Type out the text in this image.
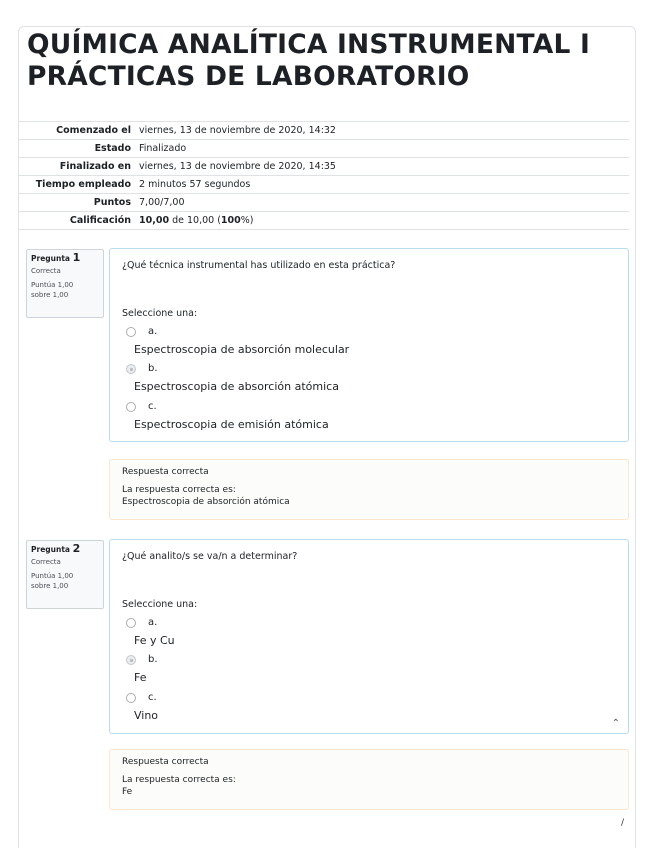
QUÍMICA ANALÍTICA INSTRUMENTAL I
PRÁCTICAS DE LABORATORIO
Comenzado el	viernes, 13 de noviembre de 2020, 14:32
Estado	Finalizado
Finalizado en	viernes, 13 de noviembre de 2020, 14:35
Tiempo empleado	2 minutos 57 segundos
Puntos	7,00/7,00
Calificación	10,00 de 10,00 (100%)
Pregunta 1
Correcta
Puntúa 1,00
sobre 1,00
¿Qué técnica instrumental has utilizado en esta práctica?
Seleccione una:
a.
Espectroscopia de absorción molecular
b.
Espectroscopia de absorción atómica
c.
Espectroscopia de emisión atómica
Respuesta correcta
La respuesta correcta es:
Espectroscopia de absorción atómica
Pregunta 2
Correcta
Puntúa 1,00
sobre 1,00
¿Qué analito/s se va/n a determinar?
Seleccione una:
a.
Fe y Cu
b.
Fe
c.
Vino
⌃
Respuesta correcta
La respuesta correcta es:
Fe
/
